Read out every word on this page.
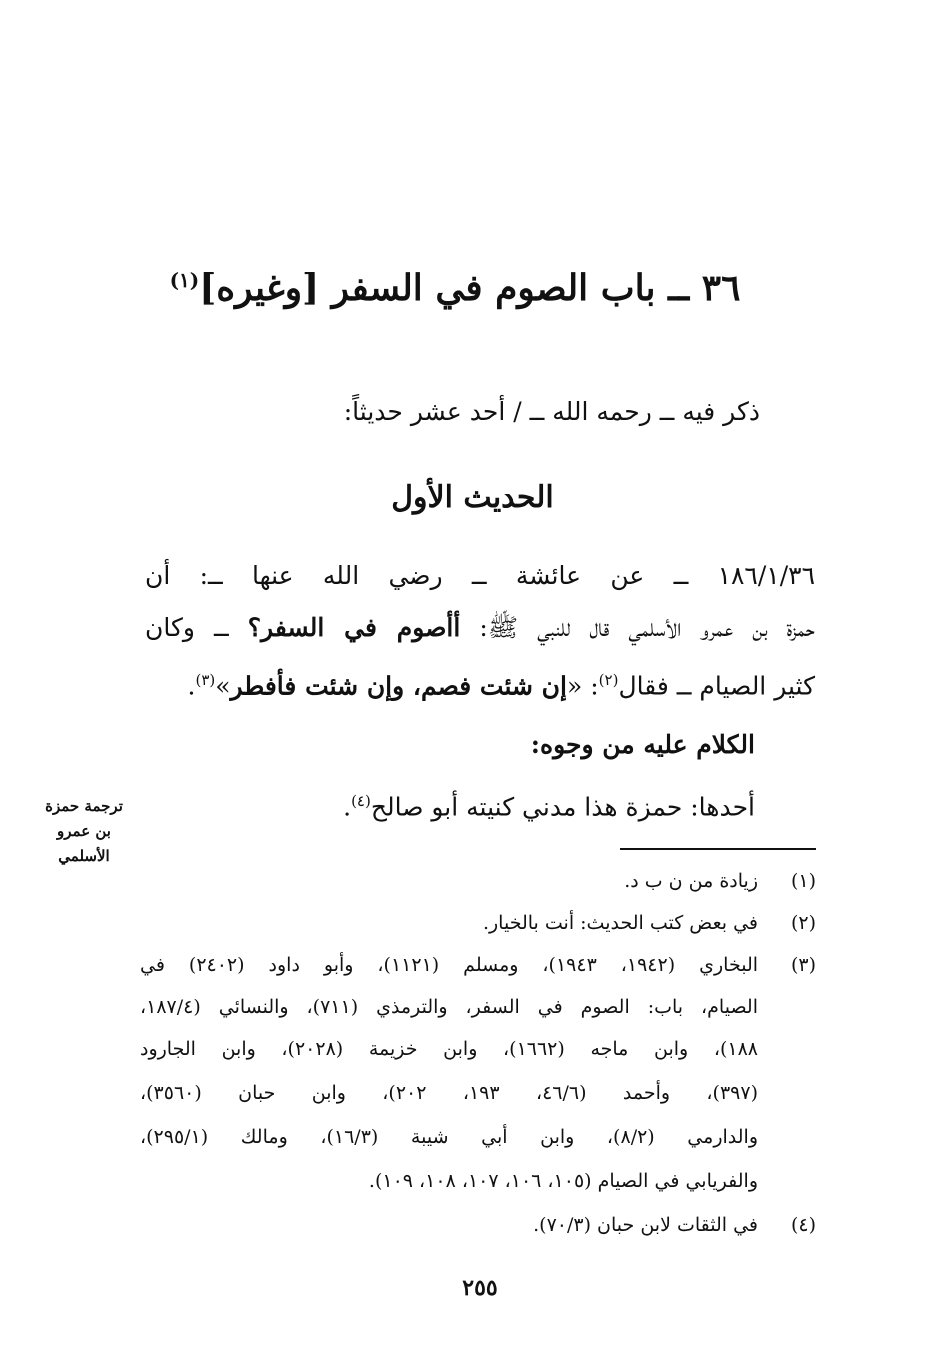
٣٦ ــ باب الصوم في السفر [وغيره]$^{(١)}$
ذكر فيه ــ رحمه الله ــ / أحد عشر حديثاً:
الحديث الأول
١٨٦/١/٣٦ ــ عن عائشة ــ رضي الله عنها ــ: أن
حمزة بن عمرو الأسلمي قال للنبي ﷺ: أأصوم في السفر؟ ــ وكان
كثير الصيام ــ فقال$^{(٢)}$: «إن شئت فصم، وإن شئت فأفطر»$^{(٣)}$.
الكلام عليه من وجوه:
أحدها: حمزة هذا مدني كنيته أبو صالح$^{(٤)}$.
ترجمة حمزة
بن عمرو
الأسلمي
(١)
زيادة من ن ب د.
(٢)
في بعض كتب الحديث: أنت بالخيار.
(٣)
البخاري (١٩٤٢، ١٩٤٣)، ومسلم (١١٢١)، وأبو داود (٢٤٠٢) في
الصيام، باب: الصوم في السفر، والترمذي (٧١١)، والنسائي (١٨٧/٤،
١٨٨)، وابن ماجه (١٦٦٢)، وابن خزيمة (٢٠٢٨)، وابن الجارود
(٣٩٧)، وأحمد (٤٦/٦، ١٩٣، ٢٠٢)، وابن حبان (٣٥٦٠)،
والدارمي (٨/٢)، وابن أبي شيبة (١٦/٣)، ومالك (٢٩٥/١)،
والفريابي في الصيام (١٠٥، ١٠٦، ١٠٧، ١٠٨، ١٠٩).
(٤)
في الثقات لابن حبان (٧٠/٣).
٢٥٥
